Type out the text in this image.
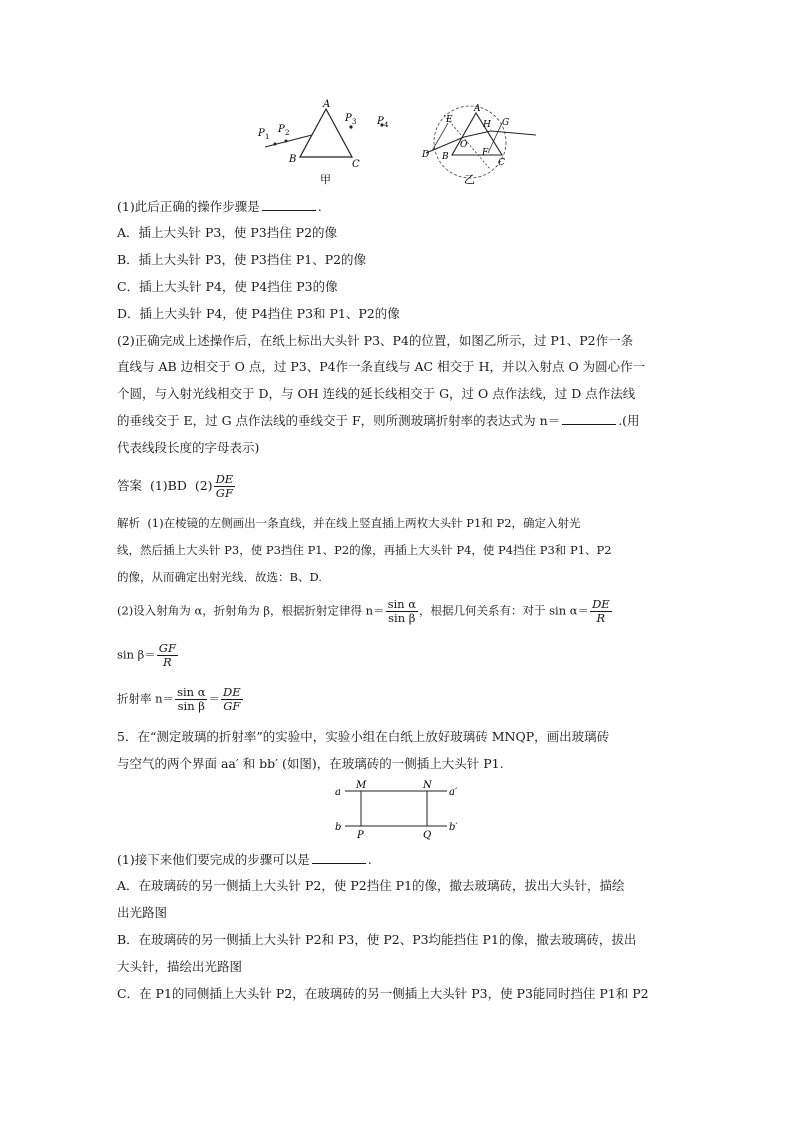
A
B	C
P 1
P 2
P 3 P 4
甲
A
E	H G
O
F
D B
C
乙
(1)此后正确的操作步骤是	.
A．插上大头针 P3，使 P3挡住 P2的像
B．插上大头针 P3，使 P3挡住 P1、P2的像
C．插上大头针 P4，使 P4挡住 P3的像
D．插上大头针 P4，使 P4挡住 P3和 P1、P2的像
(2)正确完成上述操作后，在纸上标出大头针 P3、P4的位置，如图乙所示，过 P1、P2作一条
直线与 AB 边相交于 O 点，过 P3、P4作一条直线与 AC 相交于 H，并以入射点 O 为圆心作一
个圆，与入射光线相交于 D，与 OH 连线的延长线相交于 G，过 O 点作法线，过 D 点作法线
的垂线交于 E，过 G 点作法线的垂线交于 F，则所测玻璃折射率的表达式为 n＝	.(用
代表线段长度的字母表示)
答案 (1)BD $(2) \frac{DE}{GF}$
解析 (1)在棱镜的左侧画出一条直线，并在线上竖直插上两枚大头针 P1和 P2，确定入射光
线，然后插上大头针 P3，使 P3挡住 P1、P2的像，再插上大头针 P4，使 P4挡住 P3和 P1、P2
的像，从而确定出射光线．故选：B、D.
(2)设入射角为 α，折射角为 β，根据折射定律得 $n= \frac{\text{sin α}}{\text{sin β}}$ ，根据几何关系有：对于 $\sin \alpha= \frac{DE}{R}$
$\sin \beta= \frac{GF}{R}$
折射率 $n= \frac{\text{sin α}}{\text{sin β}} = \frac{DE}{GF}$
5．在“测定玻璃的折射率”的实验中，实验小组在白纸上放好玻璃砖 MNQP，画出玻璃砖
与空气的两个界面 aa′ 和 bb′ (如图)，在玻璃砖的一侧插上大头针 P1.
a
M	N
a′
b
P	Q
b′
(1)接下来他们要完成的步骤可以是	.
A．在玻璃砖的另一侧插上大头针 P2，使 P2挡住 P1的像，撤去玻璃砖，拔出大头针，描绘
出光路图
B．在玻璃砖的另一侧插上大头针 P2和 P3，使 P2、P3均能挡住 P1的像，撤去玻璃砖，拔出
大头针，描绘出光路图
C．在 P1的同侧插上大头针 P2，在玻璃砖的另一侧插上大头针 P3，使 P3能同时挡住 P1和 P2
